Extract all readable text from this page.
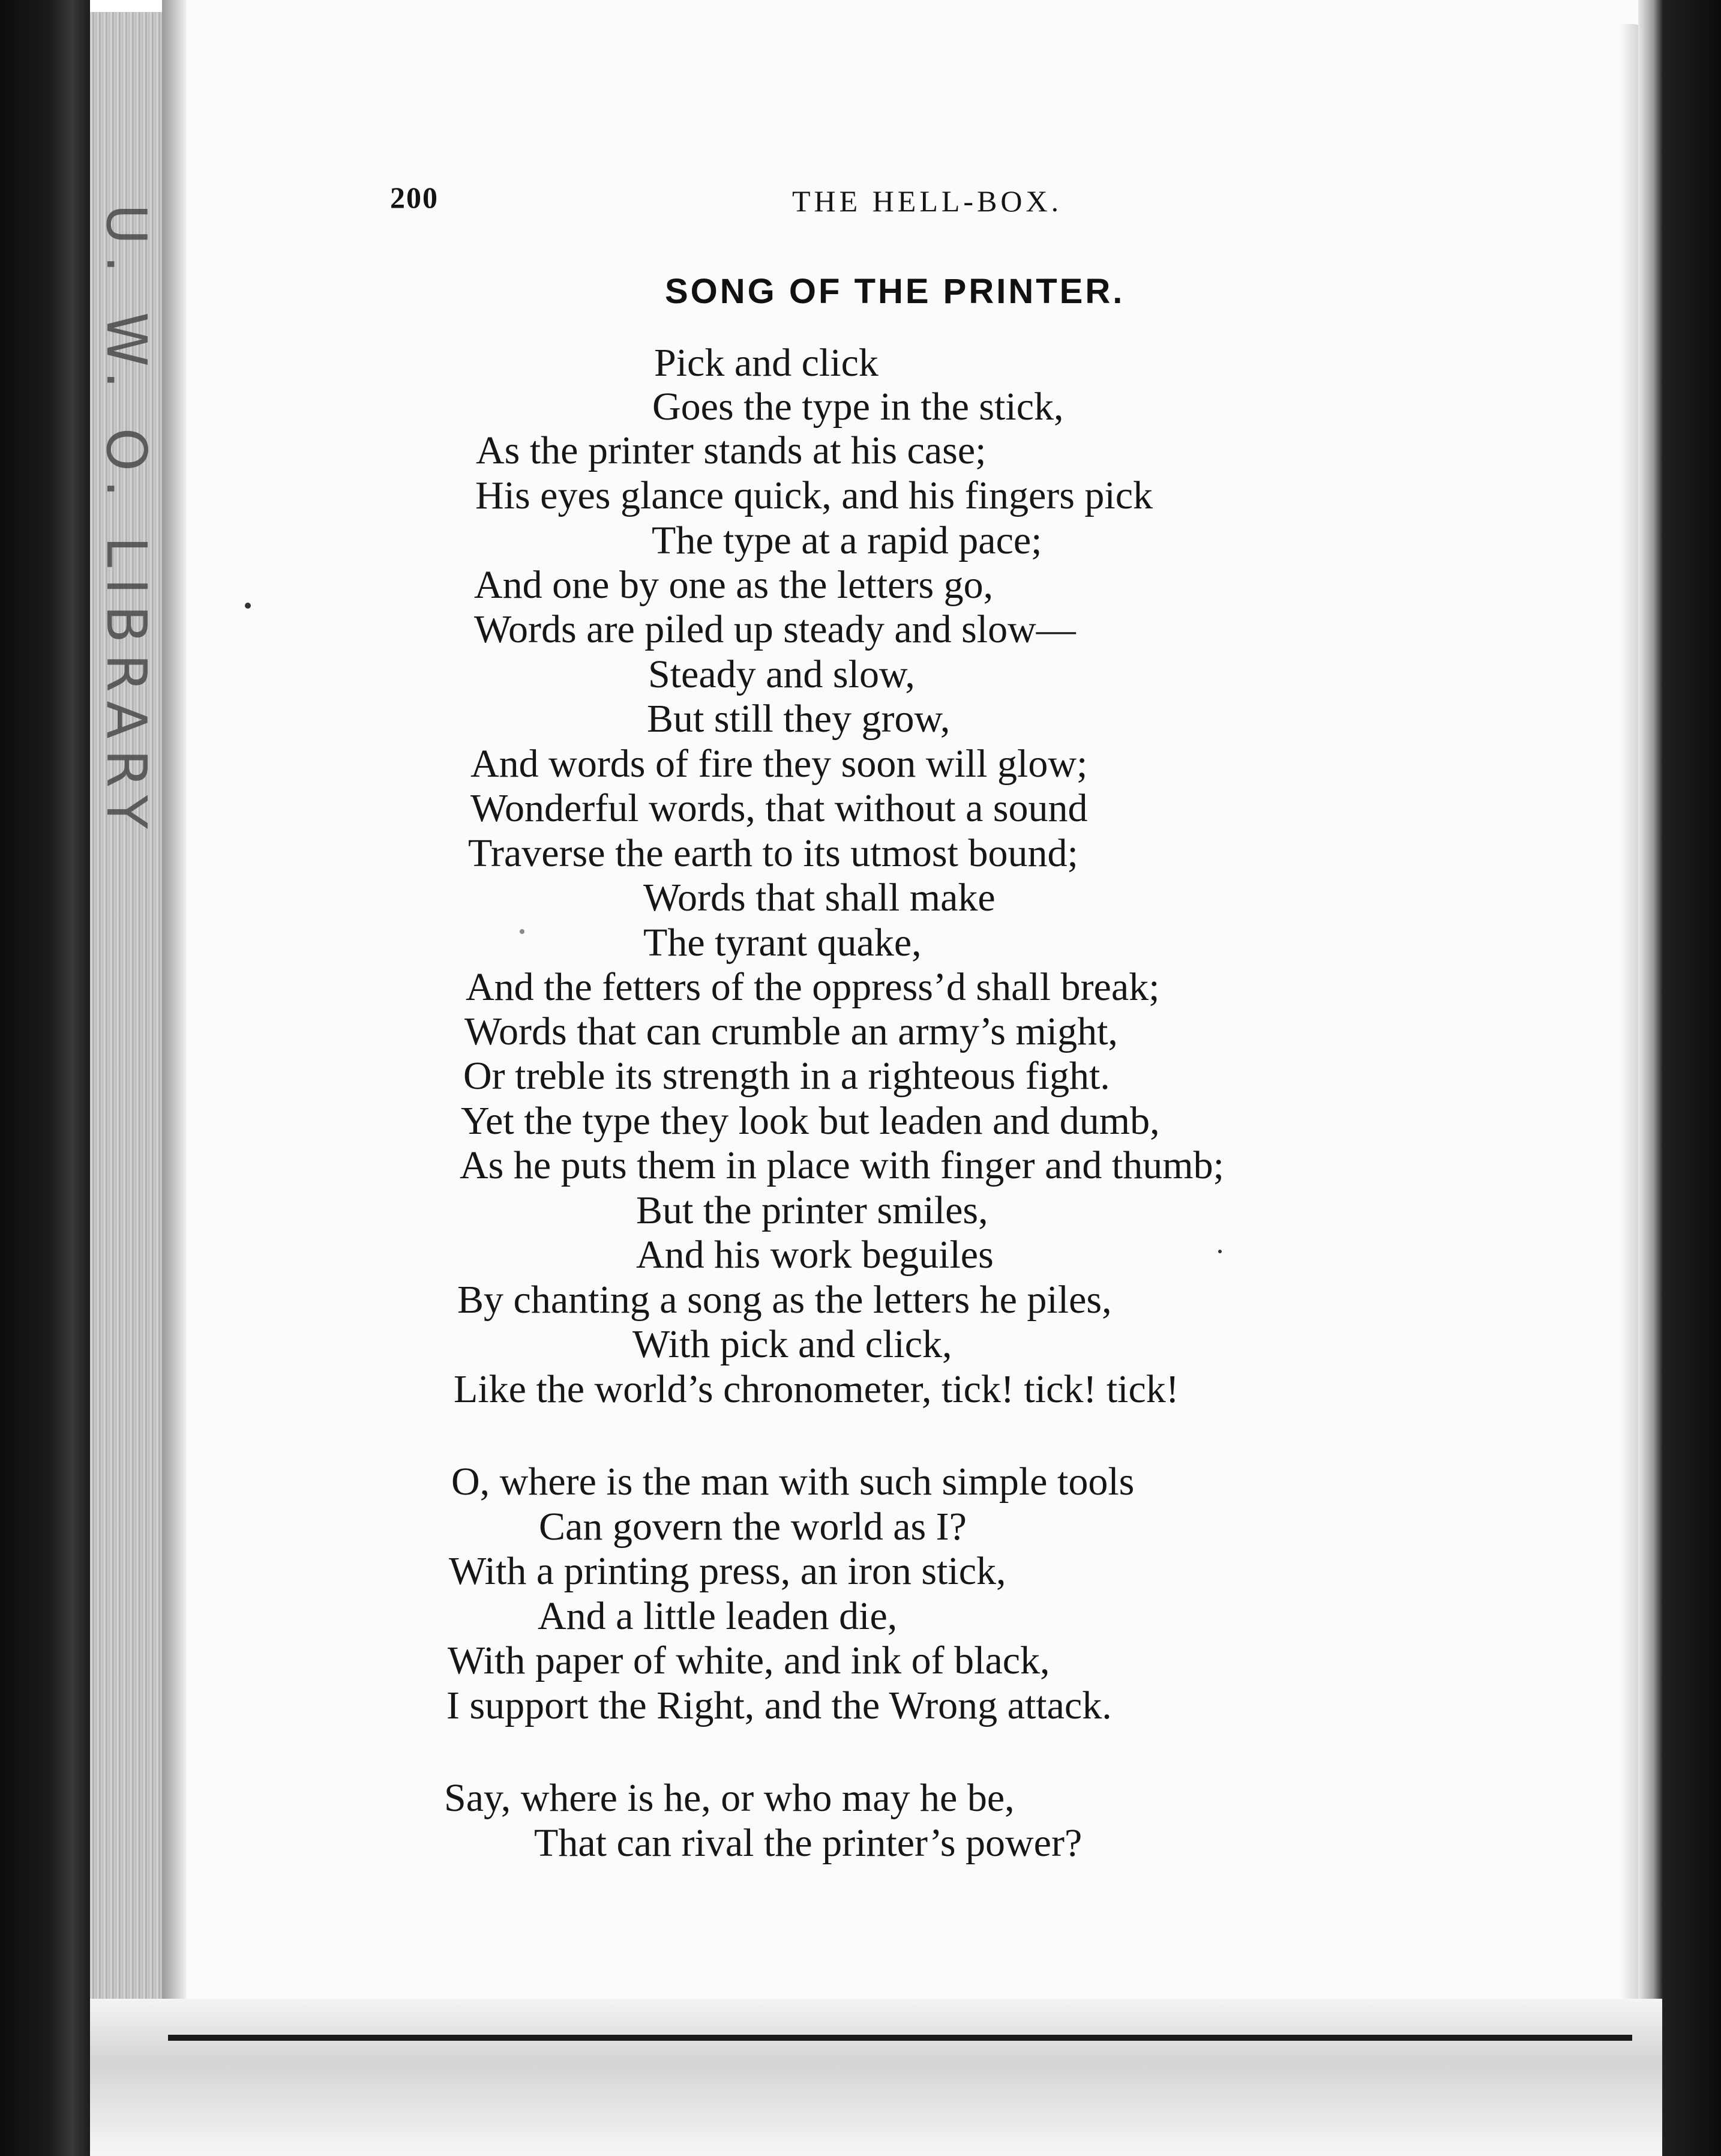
U. W. O. LIBRARY
200	THE HELL-BOX.
SONG OF THE PRINTER.
Pick and click
Goes the type in the stick,
As the printer stands at his case;
His eyes glance quick, and his fingers pick
The type at a rapid pace;
And one by one as the letters go,
Words are piled up steady and slow—
Steady and slow,
But still they grow,
And words of fire they soon will glow;
Wonderful words, that without a sound
Traverse the earth to its utmost bound;
Words that shall make
The tyrant quake,
And the fetters of the oppress’d shall break;
Words that can crumble an army’s might,
Or treble its strength in a righteous fight.
Yet the type they look but leaden and dumb,
As he puts them in place with finger and thumb;
But the printer smiles,
And his work beguiles
By chanting a song as the letters he piles,
With pick and click,
Like the world’s chronometer, tick! tick! tick!
O, where is the man with such simple tools
Can govern the world as I?
With a printing press, an iron stick,
And a little leaden die,
With paper of white, and ink of black,
I support the Right, and the Wrong attack.
Say, where is he, or who may he be,
That can rival the printer’s power?
